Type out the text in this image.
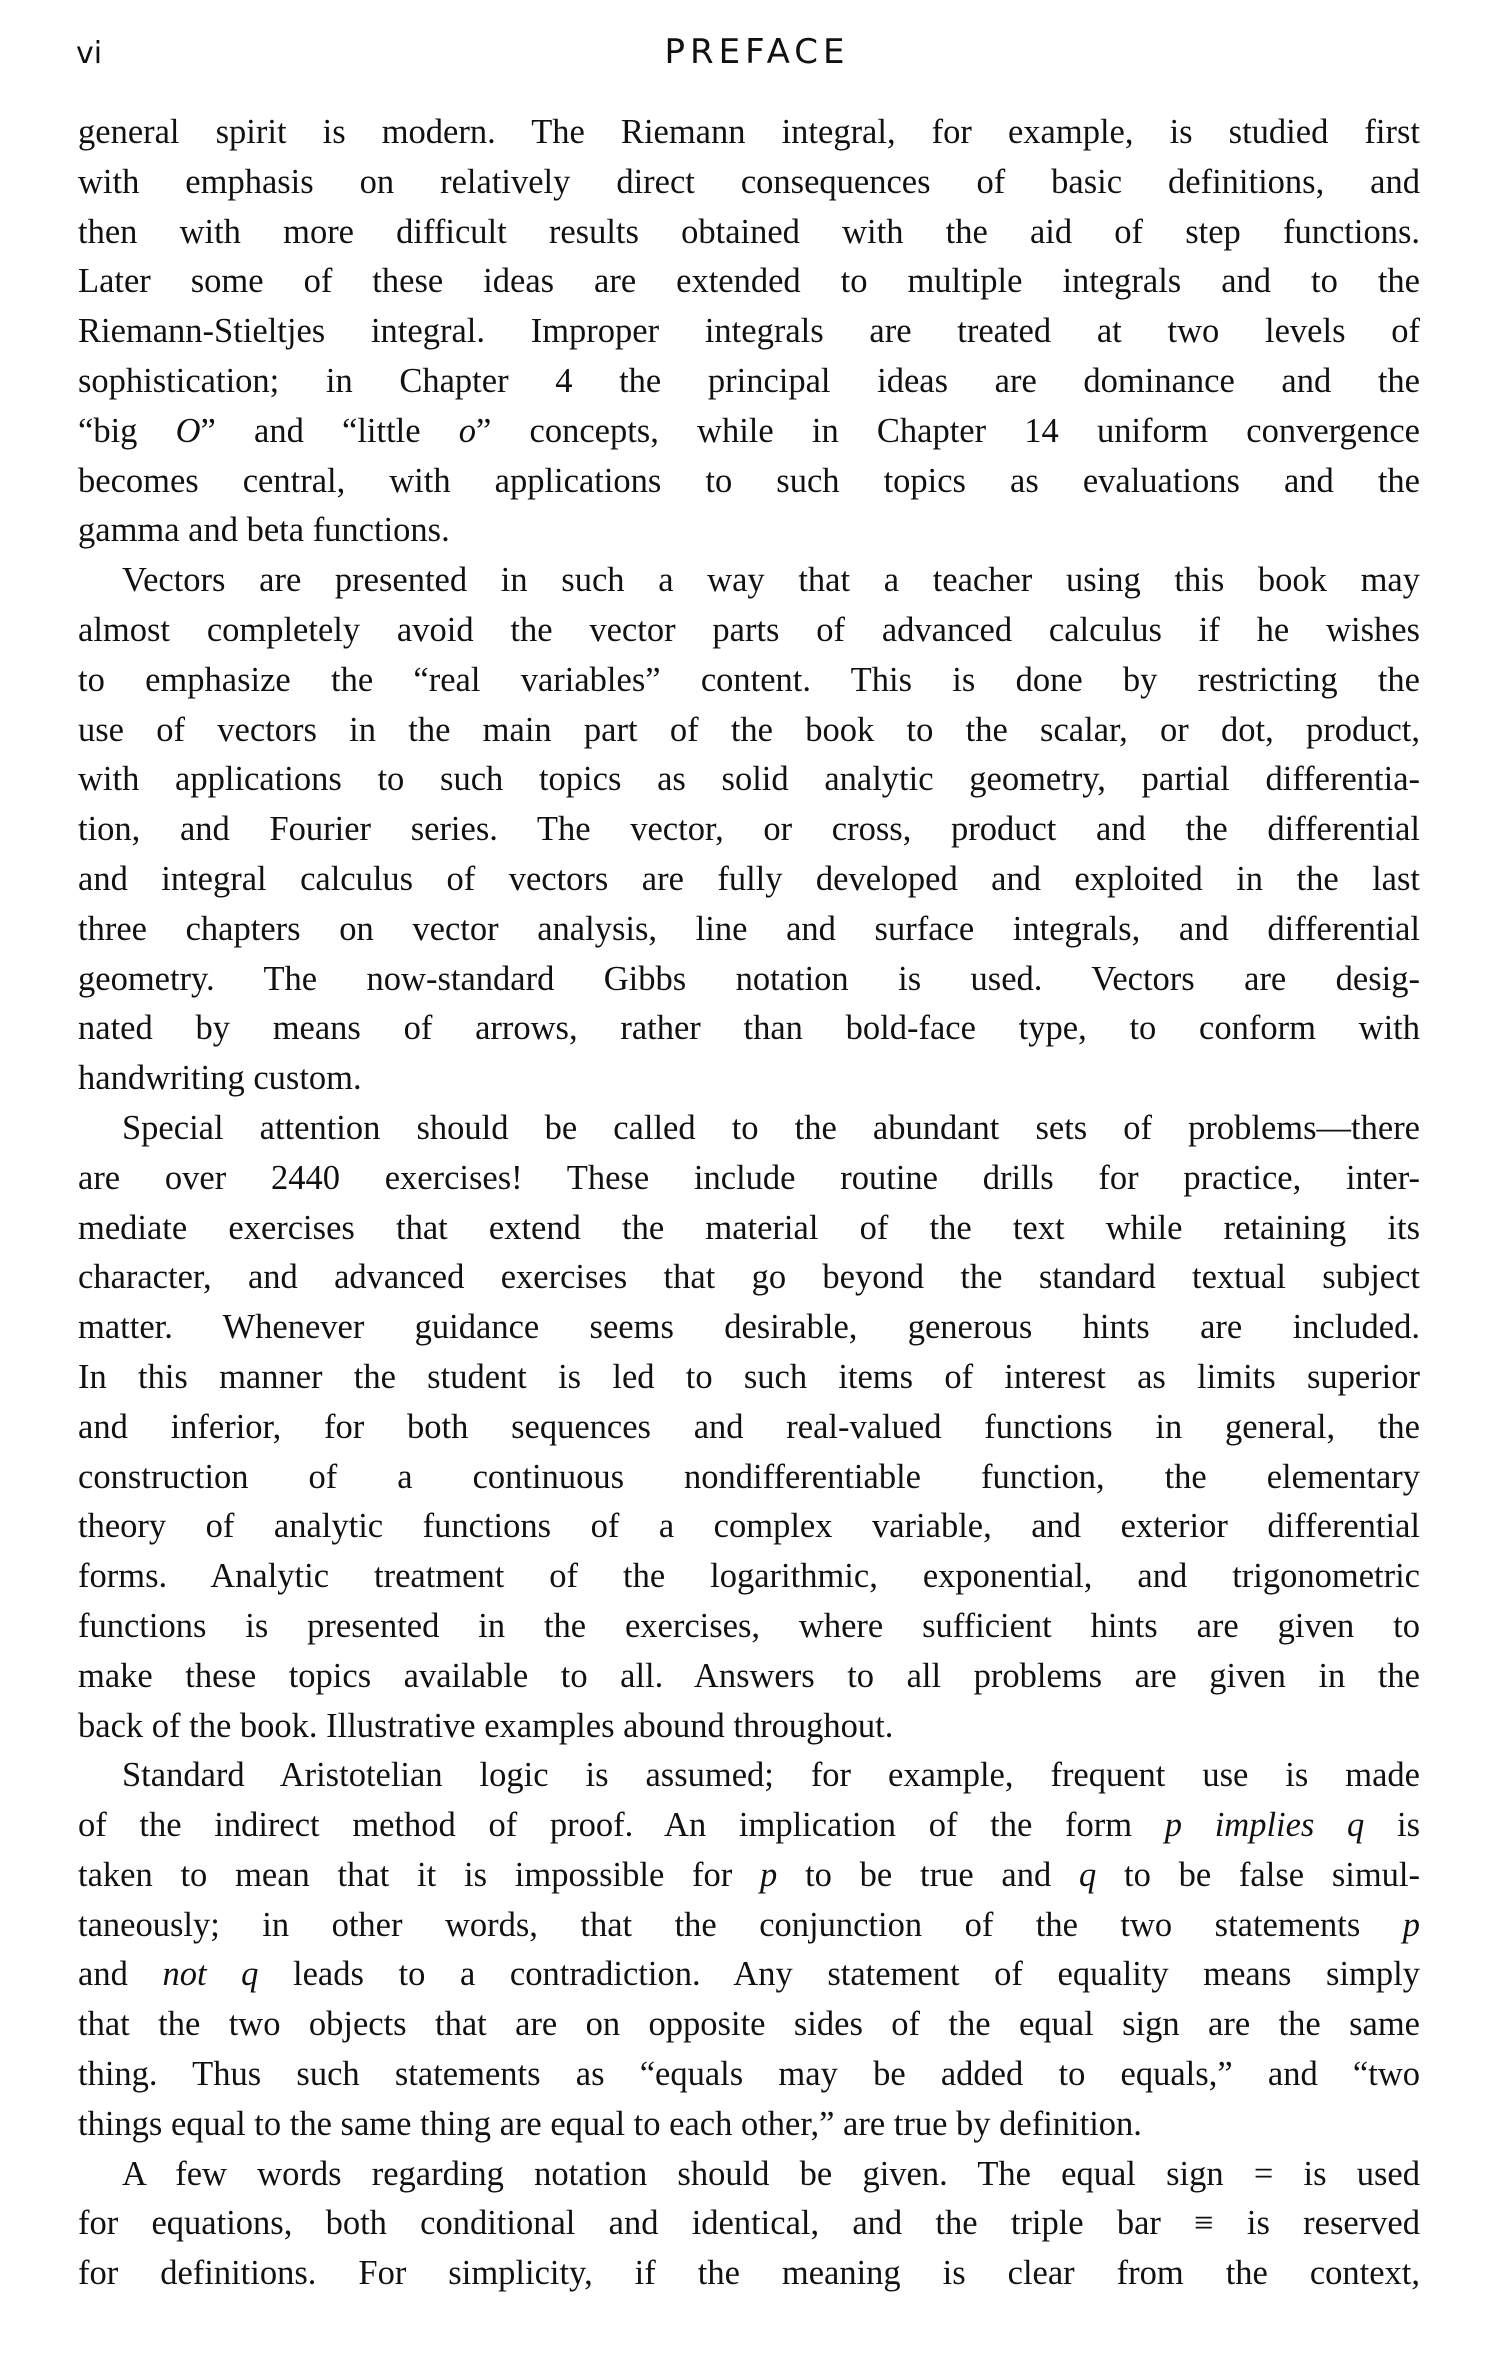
vi	PREFACE
general spirit is modern. The Riemann integral, for example, is studied first
with emphasis on relatively direct consequences of basic definitions, and
then with more difficult results obtained with the aid of step functions.
Later some of these ideas are extended to multiple integrals and to the
Riemann-Stieltjes integral. Improper integrals are treated at two levels of
sophistication; in Chapter 4 the principal ideas are dominance and the
“big O” and “little o” concepts, while in Chapter 14 uniform convergence
becomes central, with applications to such topics as evaluations and the
gamma and beta functions.
Vectors are presented in such a way that a teacher using this book may
almost completely avoid the vector parts of advanced calculus if he wishes
to emphasize the “real variables” content. This is done by restricting the
use of vectors in the main part of the book to the scalar, or dot, product,
with applications to such topics as solid analytic geometry, partial differentia-
tion, and Fourier series. The vector, or cross, product and the differential
and integral calculus of vectors are fully developed and exploited in the last
three chapters on vector analysis, line and surface integrals, and differential
geometry. The now-standard Gibbs notation is used. Vectors are desig-
nated by means of arrows, rather than bold-face type, to conform with
handwriting custom.
Special attention should be called to the abundant sets of problems—there
are over 2440 exercises! These include routine drills for practice, inter-
mediate exercises that extend the material of the text while retaining its
character, and advanced exercises that go beyond the standard textual subject
matter. Whenever guidance seems desirable, generous hints are included.
In this manner the student is led to such items of interest as limits superior
and inferior, for both sequences and real-valued functions in general, the
construction of a continuous nondifferentiable function, the elementary
theory of analytic functions of a complex variable, and exterior differential
forms. Analytic treatment of the logarithmic, exponential, and trigonometric
functions is presented in the exercises, where sufficient hints are given to
make these topics available to all. Answers to all problems are given in the
back of the book. Illustrative examples abound throughout.
Standard Aristotelian logic is assumed; for example, frequent use is made
of the indirect method of proof. An implication of the form p implies q is
taken to mean that it is impossible for p to be true and q to be false simul-
taneously; in other words, that the conjunction of the two statements p
and not q leads to a contradiction. Any statement of equality means simply
that the two objects that are on opposite sides of the equal sign are the same
thing. Thus such statements as “equals may be added to equals,” and “two
things equal to the same thing are equal to each other,” are true by definition.
A few words regarding notation should be given. The equal sign = is used
for equations, both conditional and identical, and the triple bar ≡ is reserved
for definitions. For simplicity, if the meaning is clear from the context,
